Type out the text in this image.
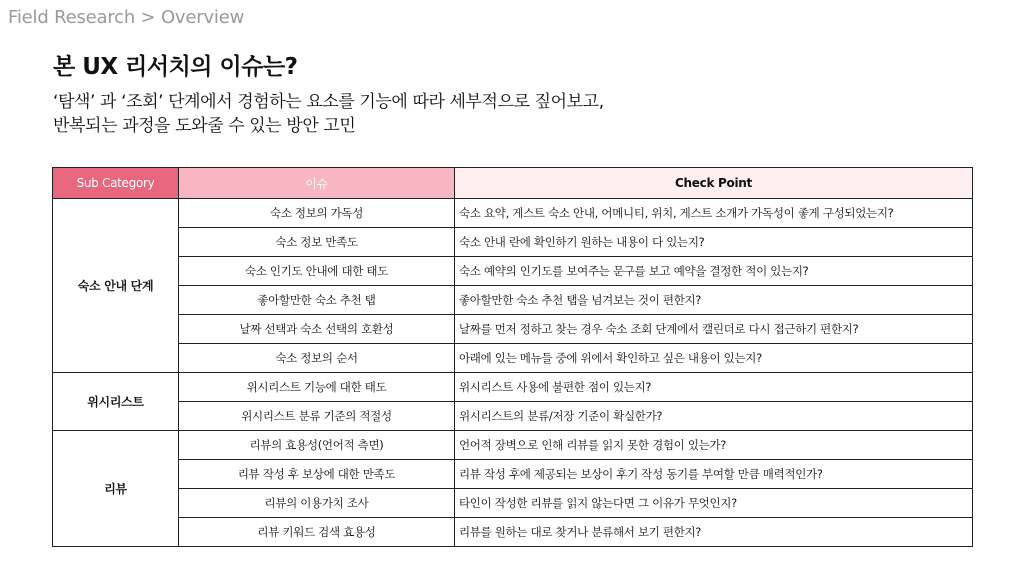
Field Research > Overview
본 UX 리서치의 이슈는?

‘탐색’ 과 ‘조회’ 단계에서 경험하는 요소를 기능에 따라 세부적으로 짚어보고,

반복되는 과정을 도와줄 수 있는 방안 고민

Sub Category	이슈	Check Point
숙소 안내 단계	숙소 정보의 가독성	숙소 요약, 게스트 숙소 안내, 어메니티, 위치, 게스트 소개가 가독성이 좋게 구성되었는지?
	숙소 정보 만족도	숙소 안내 란에 확인하기 원하는 내용이 다 있는지?
	숙소 인기도 안내에 대한 태도	숙소 예약의 인기도를 보여주는 문구를 보고 예약을 결정한 적이 있는지?
	좋아할만한 숙소 추천 탭	좋아할만한 숙소 추천 탭을 넘겨보는 것이 편한지?
	날짜 선택과 숙소 선택의 호환성	날짜를 먼저 정하고 찾는 경우 숙소 조회 단계에서 캘린더로 다시 접근하기 편한지?
	숙소 정보의 순서	아래에 있는 메뉴들 중에 위에서 확인하고 싶은 내용이 있는지?
위시리스트	위시리스트 기능에 대한 태도	위시리스트 사용에 불편한 점이 있는지?
	위시리스트 분류 기준의 적절성	위시리스트의 분류/저장 기준이 확실한가?
리뷰	리뷰의 효용성(언어적 측면)	언어적 장벽으로 인해 리뷰를 읽지 못한 경험이 있는가?
	리뷰 작성 후 보상에 대한 만족도	리뷰 작성 후에 제공되는 보상이 후기 작성 동기를 부여할 만큼 매력적인가?
	리뷰의 이용가치 조사	타인이 작성한 리뷰를 읽지 않는다면 그 이유가 무엇인지?
	리뷰 키워드 검색 효용성	리뷰를 원하는 대로 찾거나 분류해서 보기 편한지?
